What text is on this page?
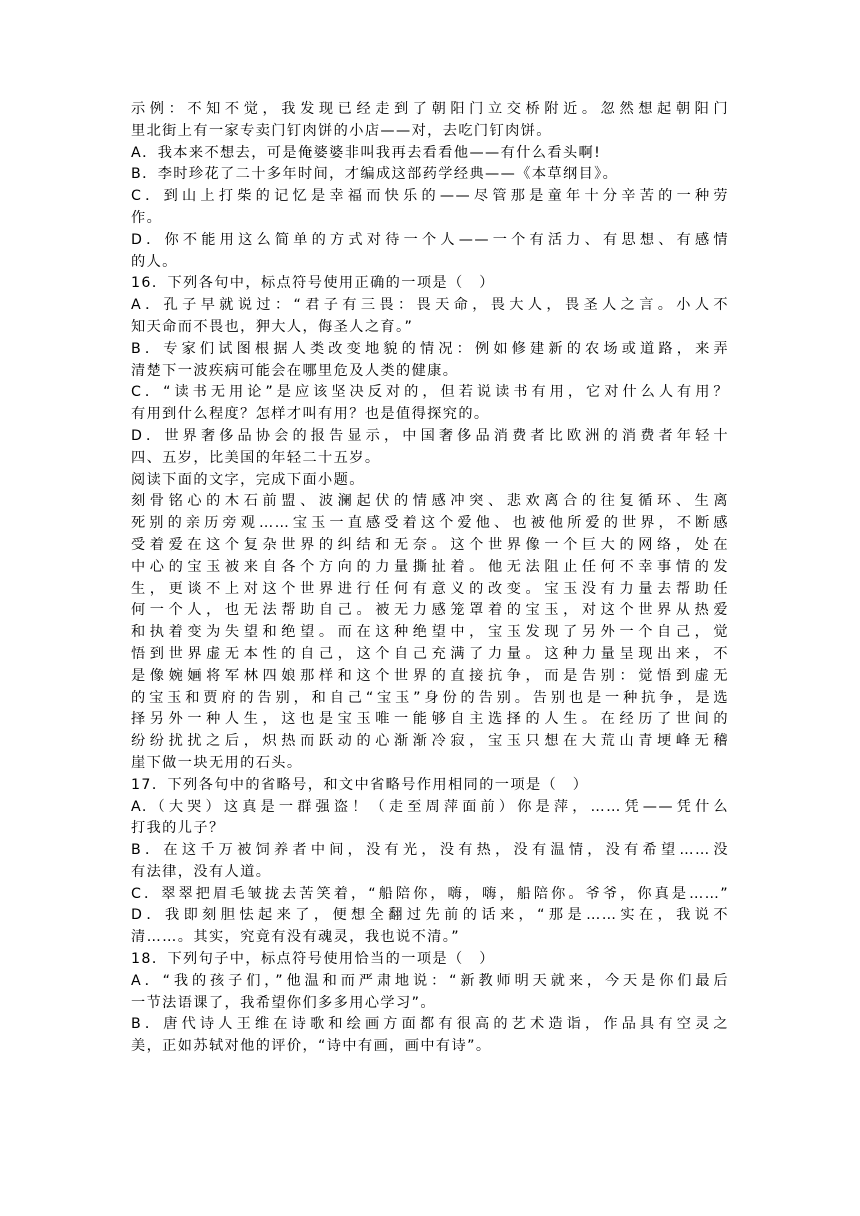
示例：不知不觉，我发现已经走到了朝阳门立交桥附近。忽然想起朝阳门
里北街上有一家专卖门钉肉饼的小店——对，去吃门钉肉饼。
A．我本来不想去，可是俺婆婆非叫我再去看看他——有什么看头啊!
B．李时珍花了二十多年时间，才编成这部药学经典——《本草纲目》。
C．到山上打柴的记忆是幸福而快乐的——尽管那是童年十分辛苦的一种劳
作。
D．你不能用这么简单的方式对待一个人——一个有活力、有思想、有感情
的人。
16．下列各句中，标点符号使用正确的一项是（　）
A．孔子早就说过：“君子有三畏：畏天命，畏大人，畏圣人之言。小人不
知天命而不畏也，狎大人，侮圣人之育。”
B．专家们试图根据人类改变地貌的情况：例如修建新的农场或道路，来弄
清楚下一波疾病可能会在哪里危及人类的健康。
C．“读书无用论”是应该坚决反对的，但若说读书有用，它对什么人有用？
有用到什么程度？怎样才叫有用？也是值得探究的。
D．世界奢侈品协会的报告显示，中国奢侈品消费者比欧洲的消费者年轻十
四、五岁，比美国的年轻二十五岁。
阅读下面的文字，完成下面小题。
刻骨铭心的木石前盟、波澜起伏的情感冲突、悲欢离合的往复循环、生离
死别的亲历旁观……宝玉一直感受着这个爱他、也被他所爱的世界，不断感
受着爱在这个复杂世界的纠结和无奈。这个世界像一个巨大的网络，处在
中心的宝玉被来自各个方向的力量撕扯着。他无法阻止任何不幸事情的发
生，更谈不上对这个世界进行任何有意义的改变。宝玉没有力量去帮助任
何一个人，也无法帮助自己。被无力感笼罩着的宝玉，对这个世界从热爱
和执着变为失望和绝望。而在这种绝望中，宝玉发现了另外一个自己，觉
悟到世界虚无本性的自己，这个自己充满了力量。这种力量呈现出来，不
是像婉婳将军林四娘那样和这个世界的直接抗争，而是告别：觉悟到虚无
的宝玉和贾府的告别，和自己“宝玉”身份的告别。告别也是一种抗争，是选
择另外一种人生，这也是宝玉唯一能够自主选择的人生。在经历了世间的
纷纷扰扰之后，炽热而跃动的心渐渐冷寂，宝玉只想在大荒山青埂峰无稽
崖下做一块无用的石头。
17．下列各句中的省略号，和文中省略号作用相同的一项是（　）
A.（大哭）这真是一群强盗！（走至周萍面前）你是萍，……凭——凭什么
打我的儿子？
B．在这千万被饲养者中间，没有光，没有热，没有温情，没有希望……没
有法律，没有人道。
C．翠翠把眉毛皱拢去苦笑着，“船陪你，嗨，嗨，船陪你。爷爷，你真是……”
D．我即刻胆怯起来了，便想全翻过先前的话来，“那是……实在，我说不
清……。其实，究竟有没有魂灵，我也说不清。”
18．下列句子中，标点符号使用恰当的一项是（　）
A．“我的孩子们，”他温和而严肃地说：“新教师明天就来，今天是你们最后
一节法语课了，我希望你们多多用心学习”。
B．唐代诗人王维在诗歌和绘画方面都有很高的艺术造诣，作品具有空灵之
美，正如苏轼对他的评价，“诗中有画，画中有诗”。
